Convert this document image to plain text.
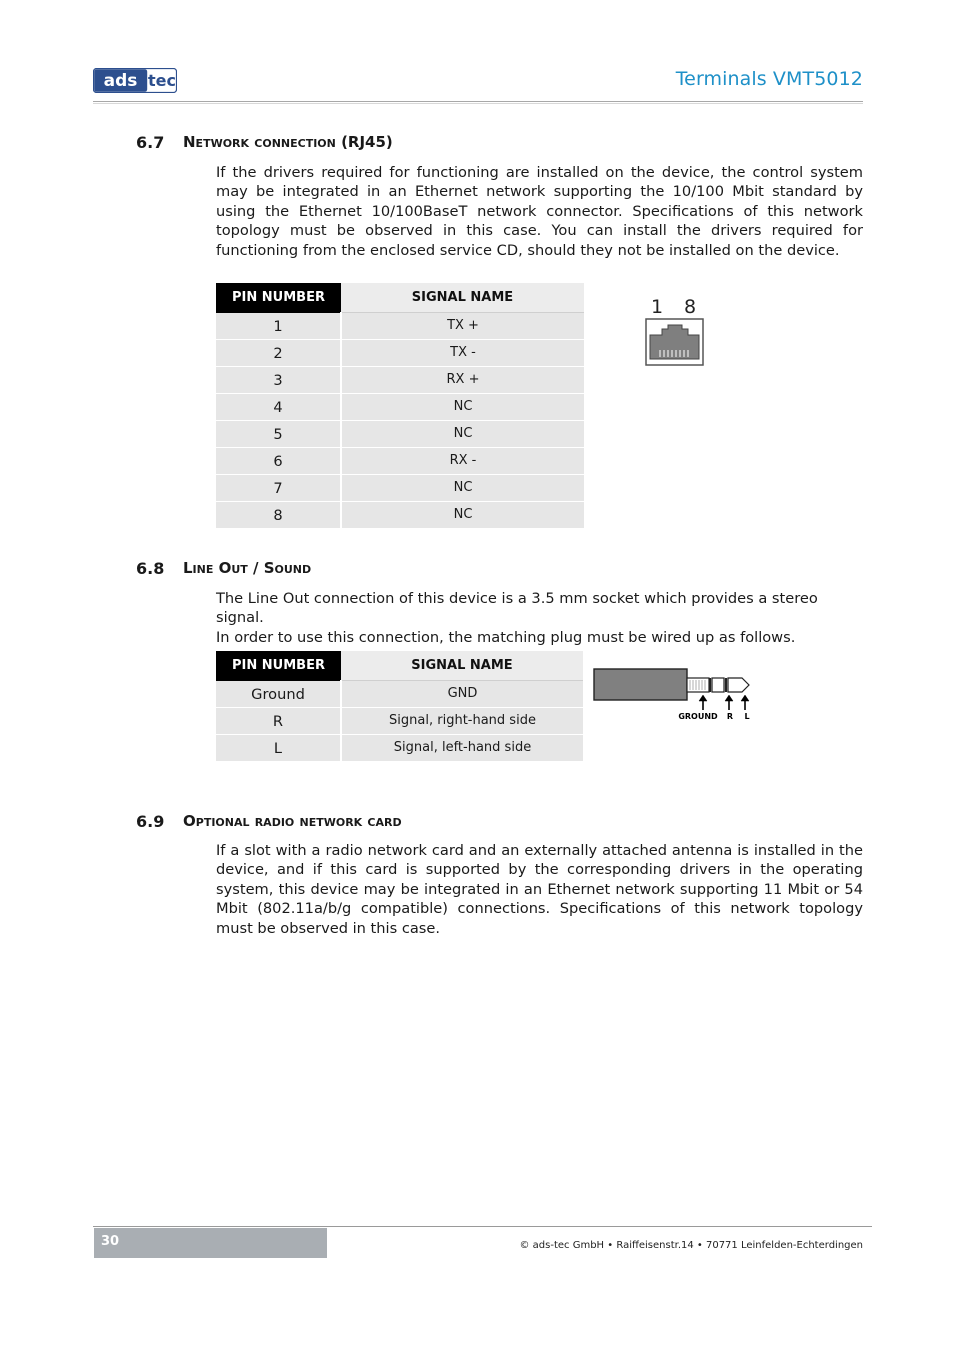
ads tec	Terminals VMT5012
6.7 Network connection (RJ45)
If the drivers required for functioning are installed on the device, the control system may be integrated in an Ethernet network supporting the 10/100 Mbit standard by using the Ethernet 10/100BaseT network connector. Specifications of this network topology must be observed in this case. You can install the drivers required for functioning from the enclosed service CD, should they not be installed on the device.
PIN NUMBER	SIGNAL NAME
1	TX +
2	TX -
3	RX +
4	NC
5	NC
6	RX -
7	NC
8	NC
1 8
6.8 Line Out / Sound
The Line Out connection of this device is a 3.5 mm socket which provides a stereo signal.
In order to use this connection, the matching plug must be wired up as follows.
PIN NUMBER	SIGNAL NAME
Ground	GND
R	Signal, right-hand side
L	Signal, left-hand side
GROUND R L
6.9 Optional radio network card
If a slot with a radio network card and an externally attached antenna is installed in the device, and if this card is supported by the corresponding drivers in the operating system, this device may be integrated in an Ethernet network supporting 11 Mbit or 54 Mbit (802.11a/b/g compatible) connections. Specifications of this network topology must be observed in this case.
30	© ads-tec GmbH • Raiffeisenstr.14 • 70771 Leinfelden-Echterdingen
